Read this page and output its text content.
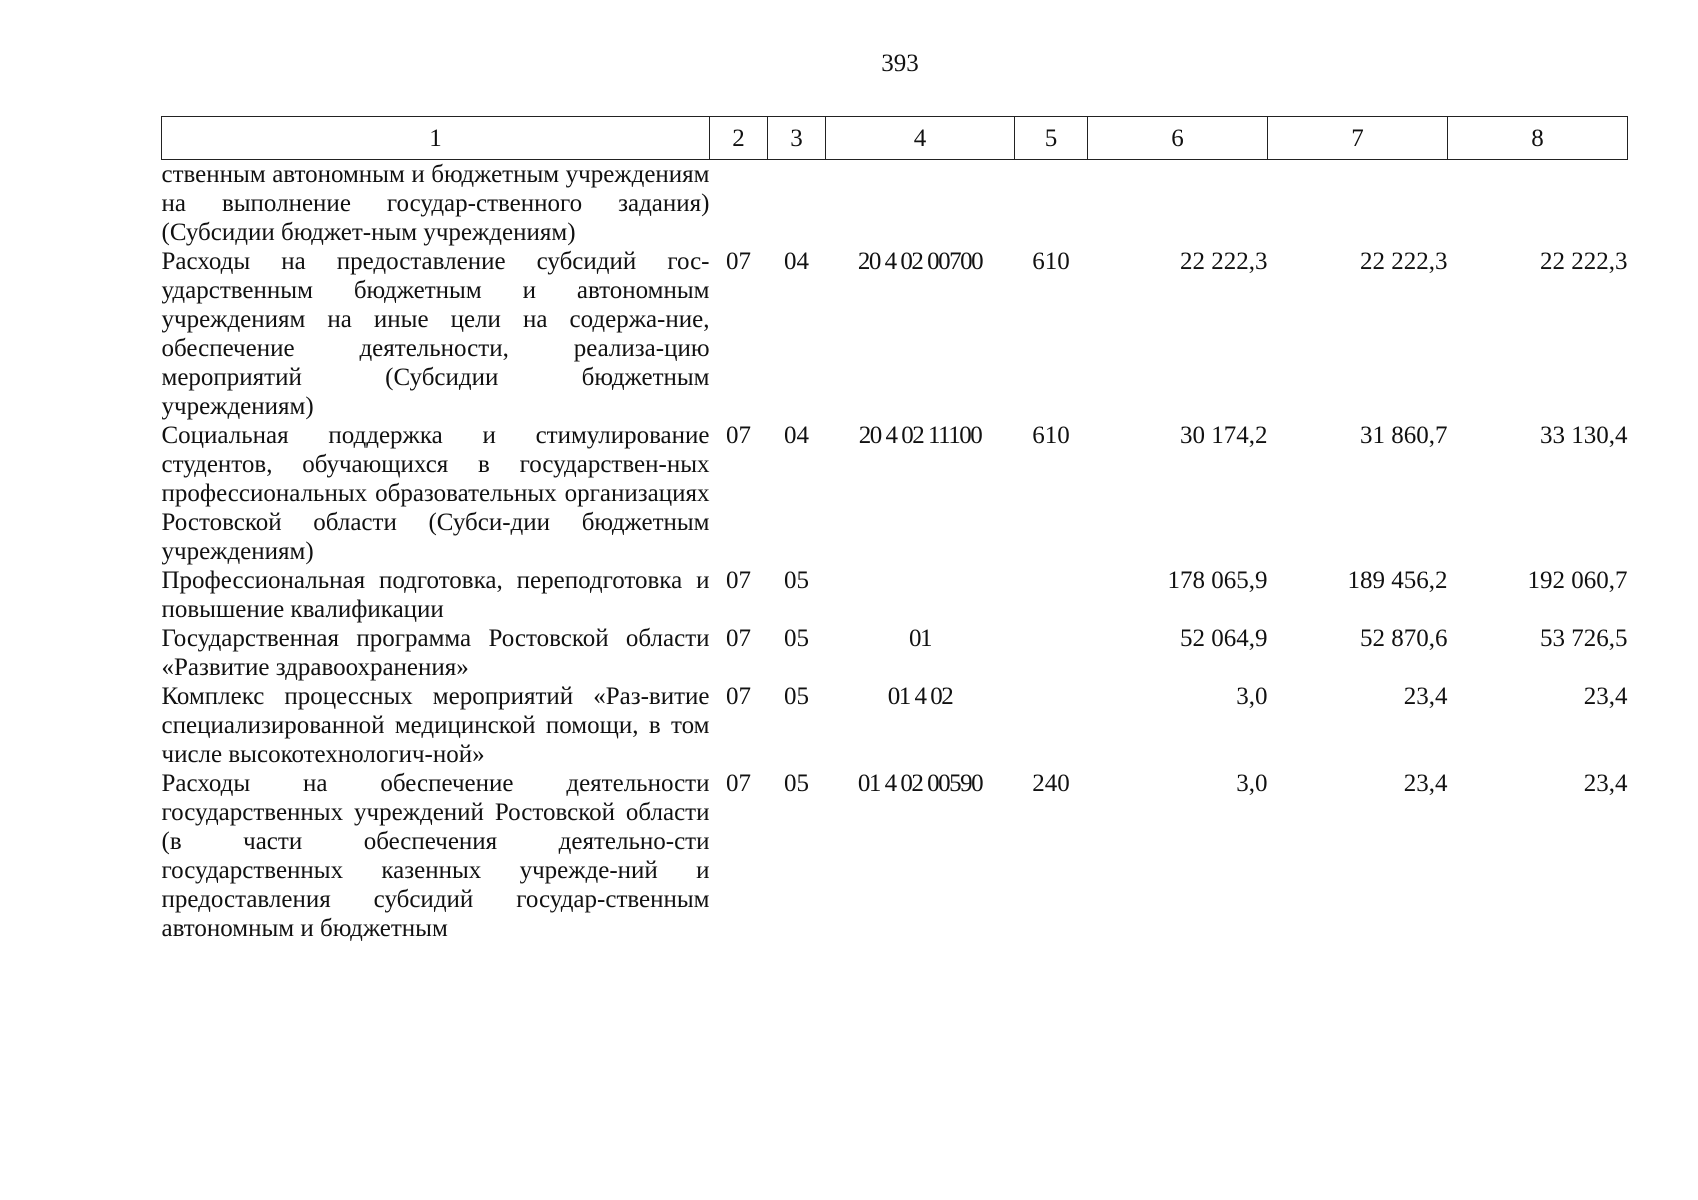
393
1	2	3	4	5	6	7	8
ственным автономным и бюджетным учреждениям на выполнение государ-ственного задания) (Субсидии бюджет-ным учреждениям)							
Расходы на предоставление субсидий гос-ударственным бюджетным и автономным учреждениям на иные цели на содержа-ние, обеспечение деятельности, реализа-цию мероприятий (Субсидии бюджетным учреждениям)	07	04	20 4 02 00700	610	22 222,3	22 222,3	22 222,3
Социальная поддержка и стимулирование студентов, обучающихся в государствен-ных профессиональных образовательных организациях Ростовской области (Субси-дии бюджетным учреждениям)	07	04	20 4 02 11100	610	30 174,2	31 860,7	33 130,4
Профессиональная подготовка, переподготовка и повышение квалификации	07	05			178 065,9	189 456,2	192 060,7
Государственная программа Ростовской области «Развитие здравоохранения»	07	05	01		52 064,9	52 870,6	53 726,5
Комплекс процессных мероприятий «Раз-витие специализированной медицинской помощи, в том числе высокотехнологич-ной»	07	05	01 4 02		3,0	23,4	23,4
Расходы на обеспечение деятельности государственных учреждений Ростовской области (в части обеспечения деятельно-сти государственных казенных учрежде-ний и предоставления субсидий государ-ственным автономным и бюджетным	07	05	01 4 02 00590	240	3,0	23,4	23,4
